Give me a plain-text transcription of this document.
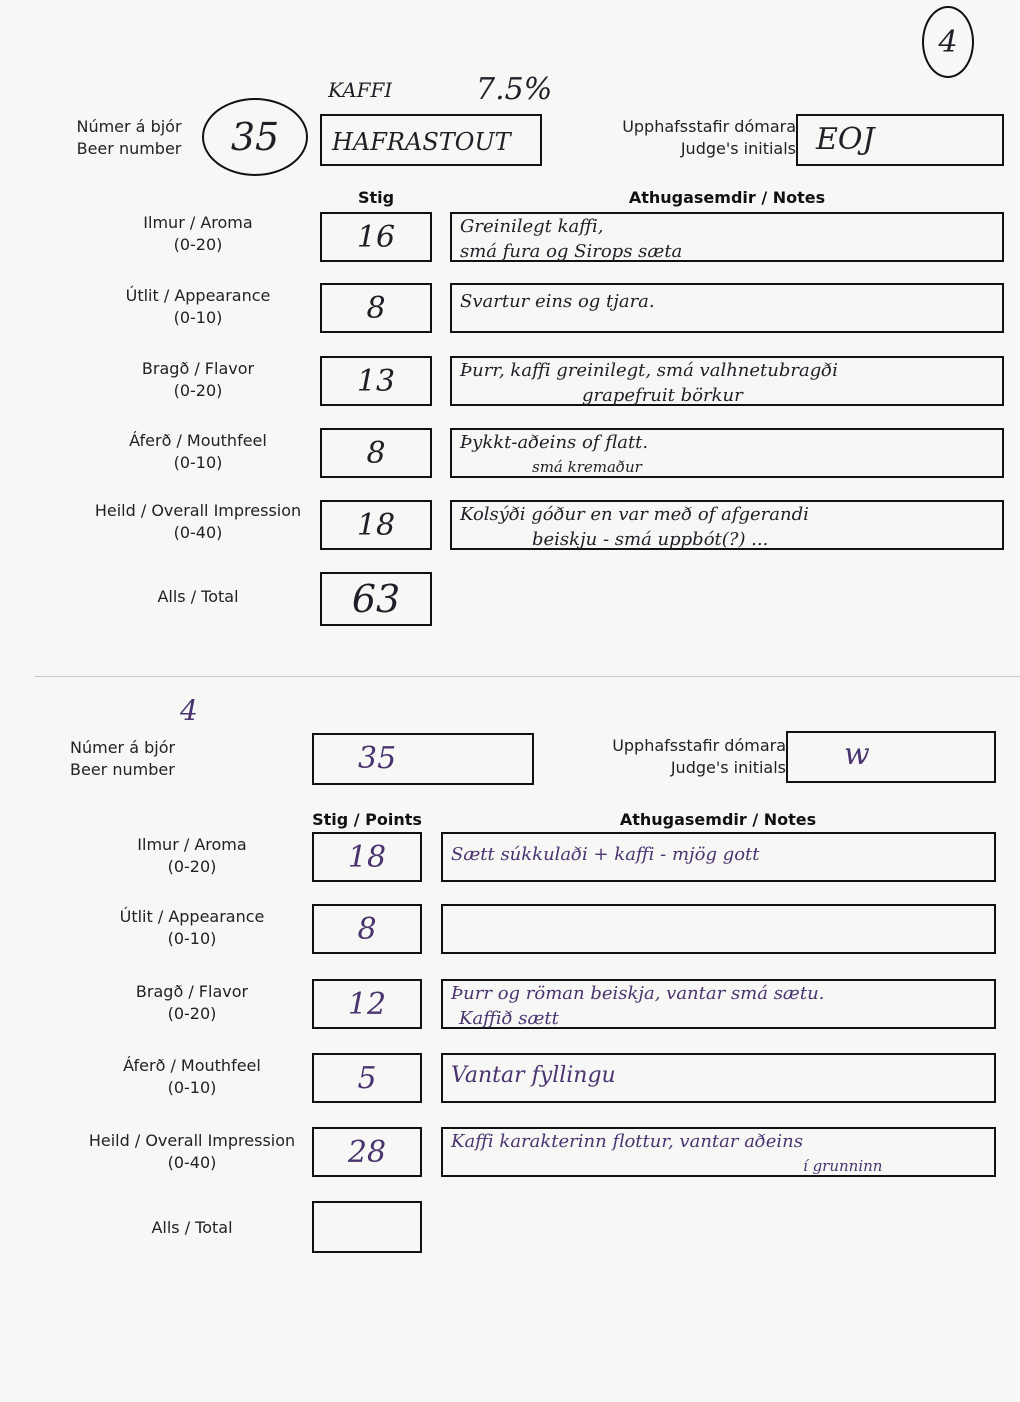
4
KAFFI	7.5%
Númer á bjór
Beer number	35	HAFRASTOUT
Upphafsstafir dómara
Judge's initials EOJ
Stig	Athugasemdir / Notes
Ilmur / Aroma
(0-20)	16	Greinilegt kaffi,
smá fura og Sirops sæta
Útlit / Appearance
(0-10)	8	Svartur eins og tjara.
Bragð / Flavor
(0-20)	13	Þurr, kaffi greinilegt, smá valhnetubragði
grapefruit börkur
Áferð / Mouthfeel
(0-10)	8	Þykkt-aðeins of flatt.
smá kremaður
Heild / Overall Impression
(0-40)	18	Kolsýði góður en var með of afgerandi
beiskju - smá uppbót(?) ...
Alls / Total	63
4
Númer á bjór
Beer number	35	Upphafsstafir dómara
Judge's initials	w
Stig / Points	Athugasemdir / Notes
Ilmur / Aroma
(0-20)	18	Sætt súkkulaði + kaffi - mjög gott
Útlit / Appearance
(0-10)	8
Bragð / Flavor
(0-20)	12	Þurr og röman beiskja, vantar smá sætu.
Kaffið sætt
Áferð / Mouthfeel
(0-10)	5	Vantar fyllingu
Heild / Overall Impression
(0-40)	28	Kaffi karakterinn flottur, vantar aðeins
í grunninn
Alls / Total
